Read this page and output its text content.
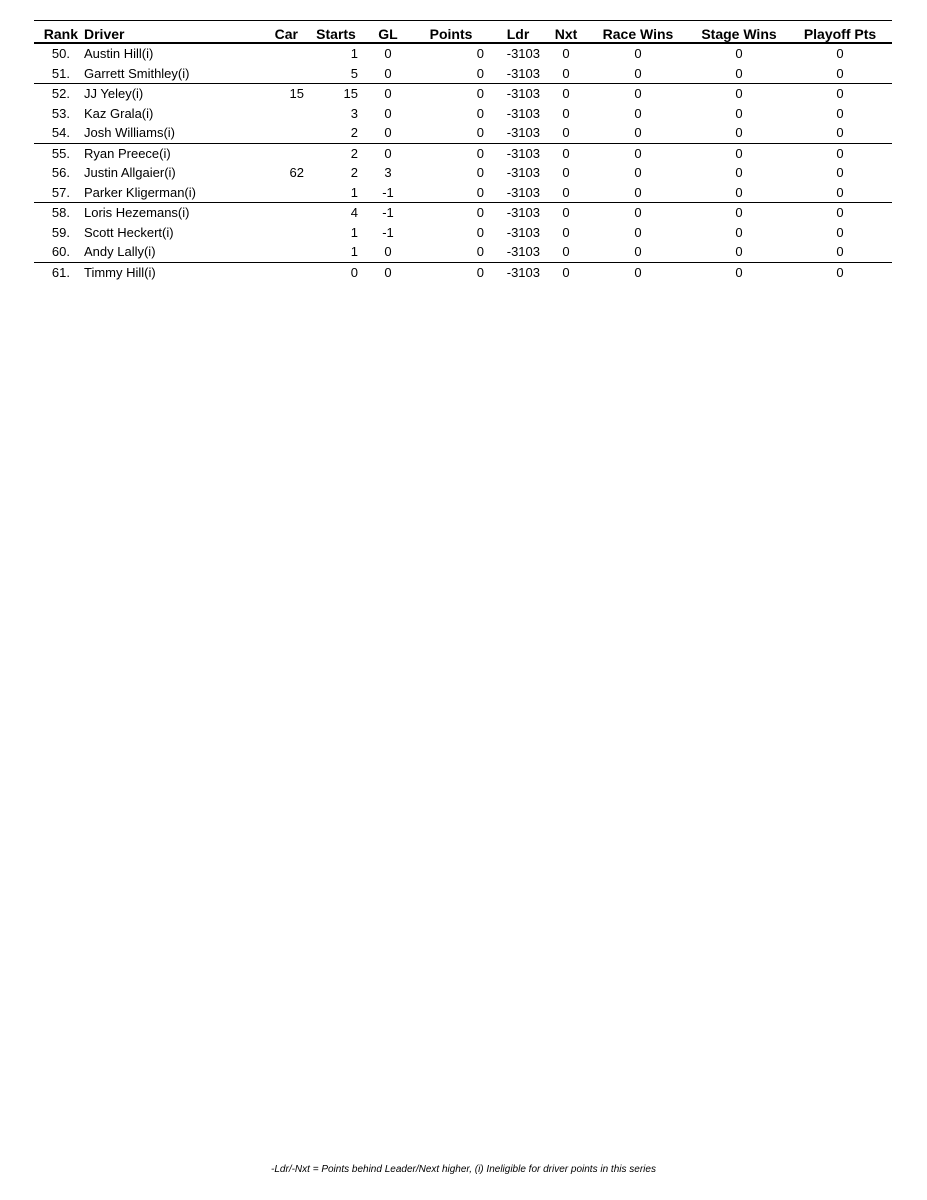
Rank	Driver	Car	Starts	GL	Points	Ldr	Nxt	Race Wins	Stage Wins	Playoff Pts
50.	Austin Hill(i)		1	0	0	-3103	0	0	0	0
51.	Garrett Smithley(i)		5	0	0	-3103	0	0	0	0
52.	JJ Yeley(i)	15	15	0	0	-3103	0	0	0	0
53.	Kaz Grala(i)		3	0	0	-3103	0	0	0	0
54.	Josh Williams(i)		2	0	0	-3103	0	0	0	0
55.	Ryan Preece(i)		2	0	0	-3103	0	0	0	0
56.	Justin Allgaier(i)	62	2	3	0	-3103	0	0	0	0
57.	Parker Kligerman(i)		1	-1	0	-3103	0	0	0	0
58.	Loris Hezemans(i)		4	-1	0	-3103	0	0	0	0
59.	Scott Heckert(i)		1	-1	0	-3103	0	0	0	0
60.	Andy Lally(i)		1	0	0	-3103	0	0	0	0
61.	Timmy Hill(i)		0	0	0	-3103	0	0	0	0
-Ldr/-Nxt = Points behind Leader/Next higher, (i) Ineligible for driver points in this series
